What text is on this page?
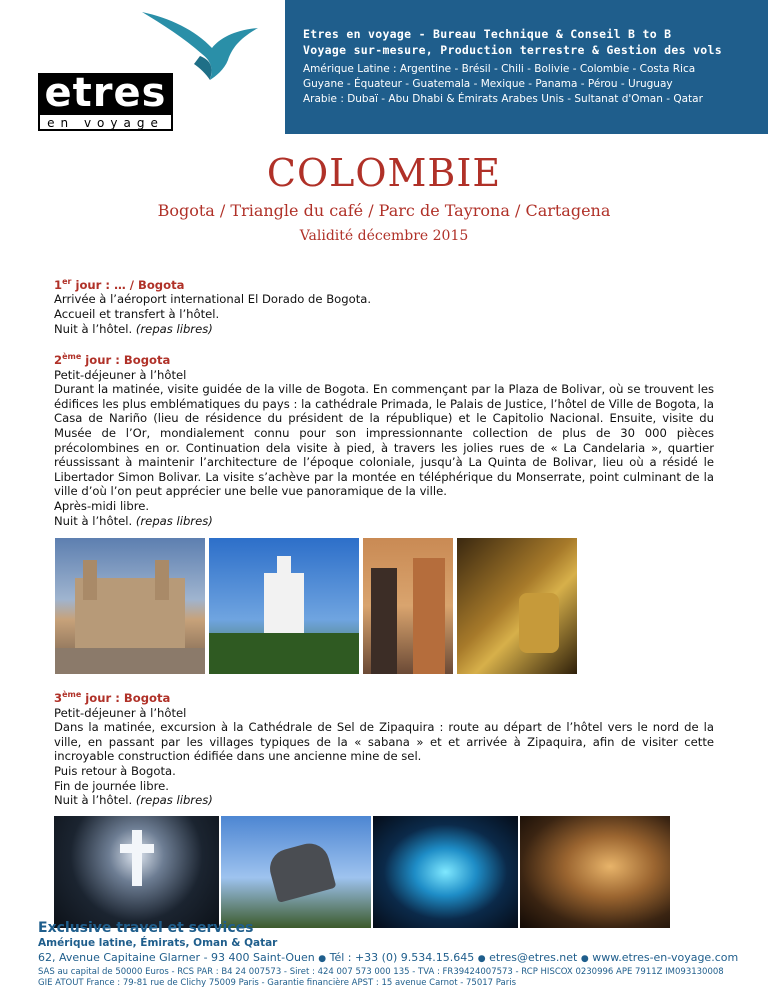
etres
en voyage
Etres en voyage - Bureau Technique & Conseil B to B
Voyage sur-mesure, Production terrestre & Gestion des vols
Amérique Latine : Argentine - Brésil - Chili - Bolivie - Colombie - Costa Rica
Guyane - Équateur - Guatemala - Mexique - Panama - Pérou - Uruguay
Arabie : Dubaï - Abu Dhabi & Émirats Arabes Unis - Sultanat d'Oman - Qatar
COLOMBIE
Bogota / Triangle du café / Parc de Tayrona / Cartagena
Validité décembre 2015
1er jour : … / Bogota

Arrivée à l’aéroport international El Dorado de Bogota.

Accueil et transfert à l’hôtel.

Nuit à l’hôtel. (repas libres)

2ème jour : Bogota

Petit-déjeuner à l’hôtel

Durant la matinée, visite guidée de la ville de Bogota. En commençant par la Plaza de Bolivar, où se trouvent les édifices les plus emblématiques du pays : la cathédrale Primada, le Palais de Justice, l’hôtel de Ville de Bogota, la Casa de Nariño (lieu de résidence du président de la république) et le Capitolio Nacional. Ensuite, visite du Musée de l’Or, mondialement connu pour son impressionnante collection de plus de 30 000 pièces précolombines en or. Continuation dela visite à pied, à travers les jolies rues de « La Candelaria », quartier réussissant à maintenir l’architecture de l’époque coloniale, jusqu’à La Quinta de Bolivar, lieu où a résidé le Libertador Simon Bolivar. La visite s’achève par la montée en téléphérique du Monserrate, point culminant de la ville d’où l’on peut apprécier une belle vue panoramique de la ville.

Après-midi libre.

Nuit à l’hôtel. (repas libres)

3ème jour : Bogota

Petit-déjeuner à l’hôtel

Dans la matinée, excursion à la Cathédrale de Sel de Zipaquira : route au départ de l’hôtel vers le nord de la ville, en passant par les villages typiques de la « sabana » et et arrivée à Zipaquira, afin de visiter cette incroyable construction édifiée dans une ancienne mine de sel.

Puis retour à Bogota.

Fin de journée libre.

Nuit à l’hôtel. (repas libres)

Exclusive travel et services
Amérique latine, Émirats, Oman & Qatar
62, Avenue Capitaine Glarner - 93 400 Saint-Ouen ● Tél : +33 (0) 9.534.15.645 ● etres@etres.net ● www.etres-en-voyage.com
SAS au capital de 50000 Euros - RCS PAR : B4 24 007573 - Siret : 424 007 573 000 135 - TVA : FR39424007573 - RCP HISCOX 0230996 APE 7911Z IM093130008
GIE ATOUT France : 79-81 rue de Clichy 75009 Paris - Garantie financière APST : 15 avenue Carnot - 75017 Paris
